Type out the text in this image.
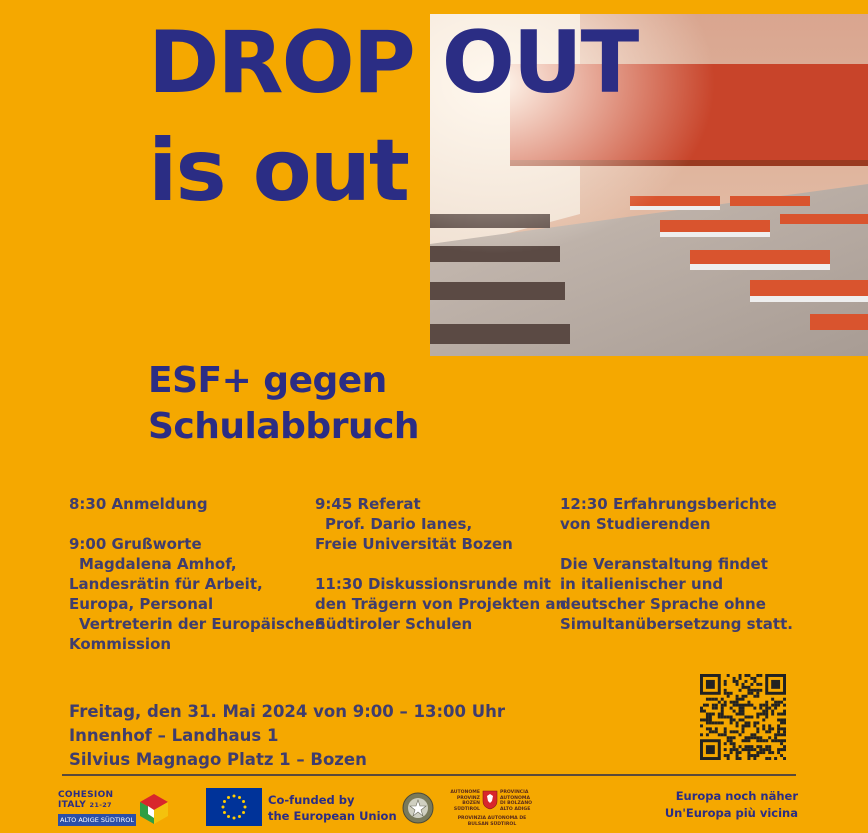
DROP OUT
is out
ESF+ gegen
Schulabbruch

8:30 Anmeldung

9:00 Grußworte

Magdalena Amhof,

Landesrätin für Arbeit,

Europa, Personal

Vertreterin der Europäischen

Kommission

9:45 Referat

Prof. Dario Ianes,

Freie Universität Bozen

11:30 Diskussionsrunde mit

den Trägern von Projekten an

Südtiroler Schulen

12:30 Erfahrungsberichte

von Studierenden

Die Veranstaltung findet

in italienischer und

deutscher Sprache ohne

Simultanübersetzung statt.

Freitag, den 31. Mai 2024 von 9:00 – 13:00 Uhr

Innenhof – Landhaus 1

Silvius Magnago Platz 1 – Bozen

COHESION
ITALY 21-27
ALTO ADIGE SÜDTIROL
Co-funded by
the European Union
AUTONOME PROVINZ BOZEN SÜDTIROL
PROVINCIA AUTONOMA DI BOLZANO ALTO ADIGE
PROVINZIA AUTONOMA DE BULSAN SÜDTIROL
Europa noch näher
Un'Europa più vicina
